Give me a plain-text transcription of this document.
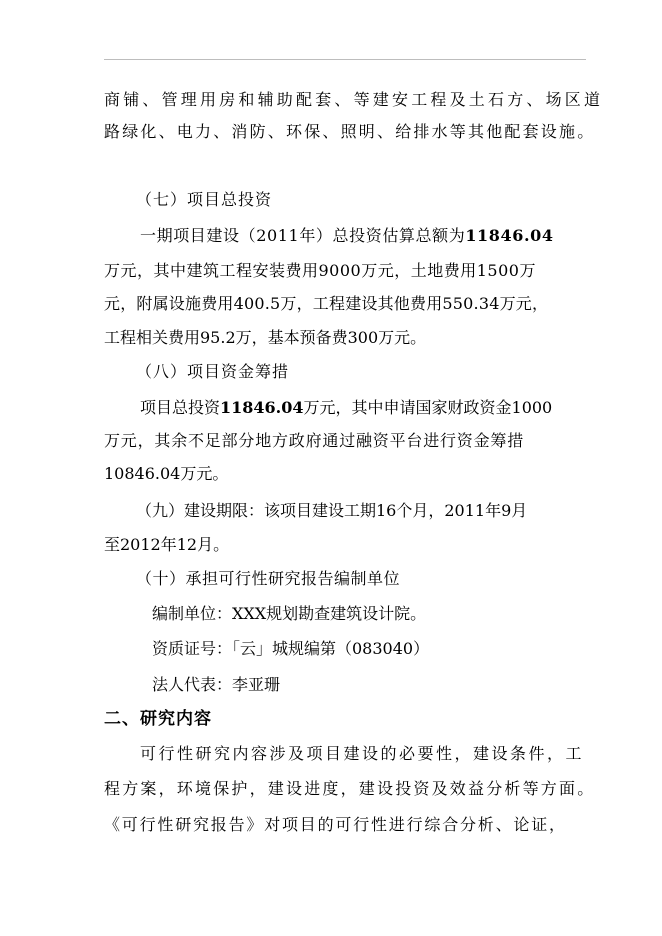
商铺、管理用房和辅助配套、等建安工程及土石方、场区道
路绿化、电力、消防、环保、照明、给排水等其他配套设施。
（七）项目总投资
一期项目建设（2011年）总投资估算总额为11846.04
万元，其中建筑工程安装费用9000万元，土地费用1500万
元，附属设施费用400.5万，工程建设其他费用550.34万元，
工程相关费用95.2万，基本预备费300万元。
（八）项目资金筹措
项目总投资11846.04万元，其中申请国家财政资金1000
万元，其余不足部分地方政府通过融资平台进行资金筹措
10846.04万元。
（九）建设期限：该项目建设工期16个月，2011年9月
至2012年12月。
（十）承担可行性研究报告编制单位
编制单位：XXX规划勘查建筑设计院。
资质证号：「云」城规编第（083040）
法人代表：李亚珊
二、研究内容
可行性研究内容涉及项目建设的必要性，建设条件，工
程方案，环境保护，建设进度，建设投资及效益分析等方面。
《可行性研究报告》对项目的可行性进行综合分析、论证，
